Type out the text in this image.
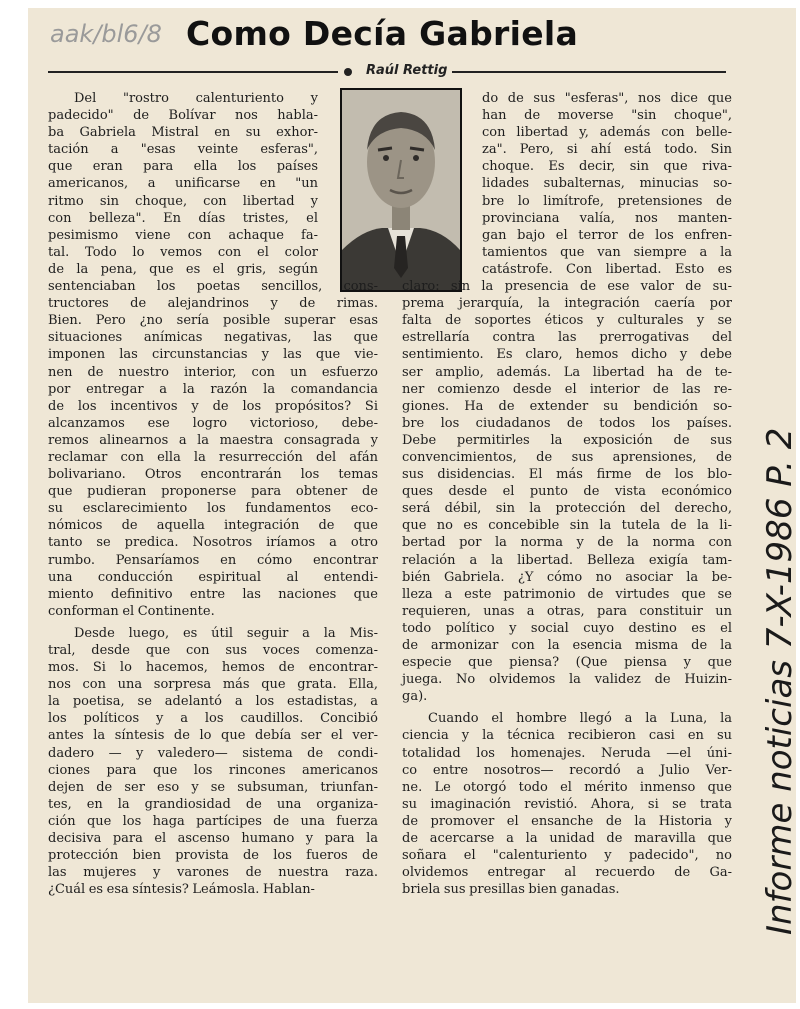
aak/bl6/8 Como Decía Gabriela
Raúl Rettig

Del "rostro calenturiento y

padecido" de Bolívar nos habla-

ba Gabriela Mistral en su exhor-

tación a "esas veinte esferas",

que eran para ella los países

americanos, a unificarse en "un

ritmo sin choque, con libertad y

con belleza". En días tristes, el

pesimismo viene con achaque fa-

tal. Todo lo vemos con el color

de la pena, que es el gris, según

sentenciaban los poetas sencillos, cons-

tructores de alejandrinos y de rimas.

Bien. Pero ¿no sería posible superar esas

situaciones anímicas negativas, las que

imponen las circunstancias y las que vie-

nen de nuestro interior, con un esfuerzo

por entregar a la razón la comandancia

de los incentivos y de los propósitos? Si

alcanzamos ese logro victorioso, debe-

remos alinearnos a la maestra consagrada y

reclamar con ella la resurrección del afán

bolivariano. Otros encontrarán los temas

que pudieran proponerse para obtener de

su esclarecimiento los fundamentos eco-

nómicos de aquella integración de que

tanto se predica. Nosotros iríamos a otro

rumbo. Pensaríamos en cómo encontrar

una conducción espiritual al entendi-

miento definitivo entre las naciones que

conforman el Continente.

Desde luego, es útil seguir a la Mis-

tral, desde que con sus voces comenza-

mos. Si lo hacemos, hemos de encontrar-

nos con una sorpresa más que grata. Ella,

la poetisa, se adelantó a los estadistas, a

los políticos y a los caudillos. Concibió

antes la síntesis de lo que debía ser el ver-

dadero — y valedero— sistema de condi-

ciones para que los rincones americanos

dejen de ser eso y se subsuman, triunfan-

tes, en la grandiosidad de una organiza-

ción que los haga partícipes de una fuerza

decisiva para el ascenso humano y para la

protección bien provista de los fueros de

las mujeres y varones de nuestra raza.

¿Cuál es esa síntesis? Leámosla. Hablan-

do de sus "esferas", nos dice que

han de moverse "sin choque",

con libertad y, además con belle-

za". Pero, si ahí está todo. Sin

choque. Es decir, sin que riva-

lidades subalternas, minucias so-

bre lo limítrofe, pretensiones de

provinciana valía, nos manten-

gan bajo el terror de los enfren-

tamientos que van siempre a la

catástrofe. Con libertad. Esto es

claro: sin la presencia de ese valor de su-

prema jerarquía, la integración caería por

falta de soportes éticos y culturales y se

estrellaría contra las prerrogativas del

sentimiento. Es claro, hemos dicho y debe

ser amplio, además. La libertad ha de te-

ner comienzo desde el interior de las re-

giones. Ha de extender su bendición so-

bre los ciudadanos de todos los países.

Debe permitirles la exposición de sus

convencimientos, de sus aprensiones, de

sus disidencias. El más firme de los blo-

ques desde el punto de vista económico

será débil, sin la protección del derecho,

que no es concebible sin la tutela de la li-

bertad por la norma y de la norma con

relación a la libertad. Belleza exigía tam-

bién Gabriela. ¿Y cómo no asociar la be-

lleza a este patrimonio de virtudes que se

requieren, unas a otras, para constituir un

todo político y social cuyo destino es el

de armonizar con la esencia misma de la

especie que piensa? (Que piensa y que

juega. No olvidemos la validez de Huizin-

ga).

Cuando el hombre llegó a la Luna, la

ciencia y la técnica recibieron casi en su

totalidad los homenajes. Neruda —el úni-

co entre nosotros— recordó a Julio Ver-

ne. Le otorgó todo el mérito inmenso que

su imaginación revistió. Ahora, si se trata

de promover el ensanche de la Historia y

de acercarse a la unidad de maravilla que

soñara el "calenturiento y padecido", no

olvidemos entregar al recuerdo de Ga-

briela sus presillas bien ganadas.	Informe noticias 7-X-1986 P. 2
